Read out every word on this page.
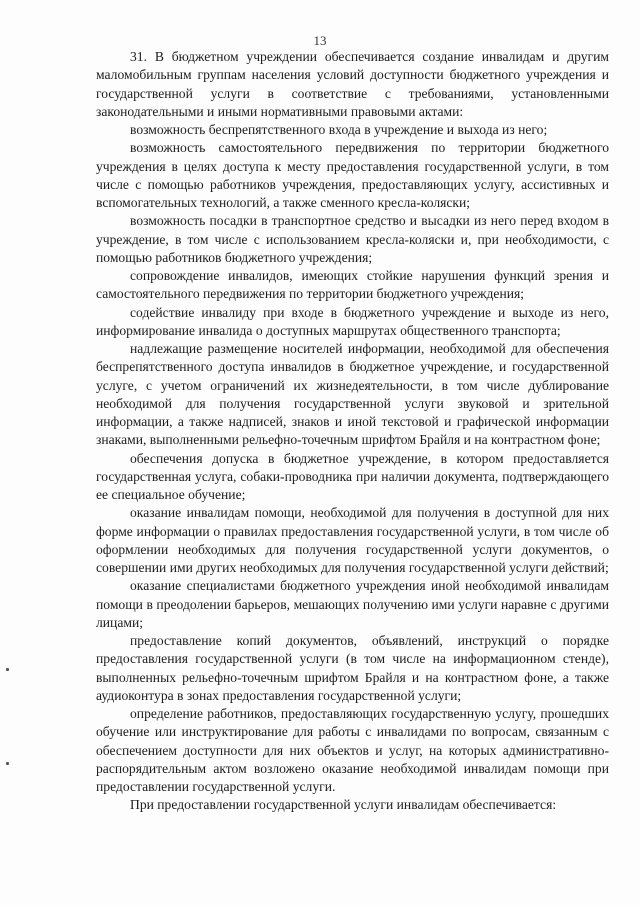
13

31. В бюджетном учреждении обеспечивается создание инвалидам и другим маломобильным группам населения условий доступности бюджетного учреждения и государственной услуги в соответствие с требованиями, установленными законодательными и иными нормативными правовыми актами:

возможность беспрепятственного входа в учреждение и выхода из него;

возможность самостоятельного передвижения по территории бюджетного учреждения в целях доступа к месту предоставления государственной услуги, в том числе с помощью работников учреждения, предоставляющих услугу, ассистивных и вспомогательных технологий, а также сменного кресла-коляски;

возможность посадки в транспортное средство и высадки из него перед входом в учреждение, в том числе с использованием кресла-коляски и, при необходимости, с помощью работников бюджетного учреждения;

сопровождение инвалидов, имеющих стойкие нарушения функций зрения и самостоятельного передвижения по территории бюджетного учреждения;

содействие инвалиду при входе в бюджетного учреждение и выходе из него, информирование инвалида о доступных маршрутах общественного транспорта;

надлежащие размещение носителей информации, необходимой для обеспечения беспрепятственного доступа инвалидов в бюджетное учреждение, и государственной услуге, с учетом ограничений их жизнедеятельности, в том числе дублирование необходимой для получения государственной услуги звуковой и зрительной информации, а также надписей, знаков и иной текстовой и графической информации знаками, выполненными рельефно-точечным шрифтом Брайля и на контрастном фоне;

обеспечения допуска в бюджетное учреждение, в котором предоставляется государственная услуга, собаки-проводника при наличии документа, подтверждающего ее специальное обучение;

оказание инвалидам помощи, необходимой для получения в доступной для них форме информации о правилах предоставления государственной услуги, в том числе об оформлении необходимых для получения государственной услуги документов, о совершении ими других необходимых для получения государственной услуги действий;

оказание специалистами бюджетного учреждения иной необходимой инвалидам помощи в преодолении барьеров, мешающих получению ими услуги наравне с другими лицами;

предоставление копий документов, объявлений, инструкций о порядке предоставления государственной услуги (в том числе на информационном стенде), выполненных рельефно-точечным шрифтом Брайля и на контрастном фоне, а также аудиоконтура в зонах предоставления государственной услуги;

определение работников, предоставляющих государственную услугу, прошедших обучение или инструктирование для работы с инвалидами по вопросам, связанным с обеспечением доступности для них объектов и услуг, на которых административно-распорядительным актом возложено оказание необходимой инвалидам помощи при предоставлении государственной услуги.

При предоставлении государственной услуги инвалидам обеспечивается:
